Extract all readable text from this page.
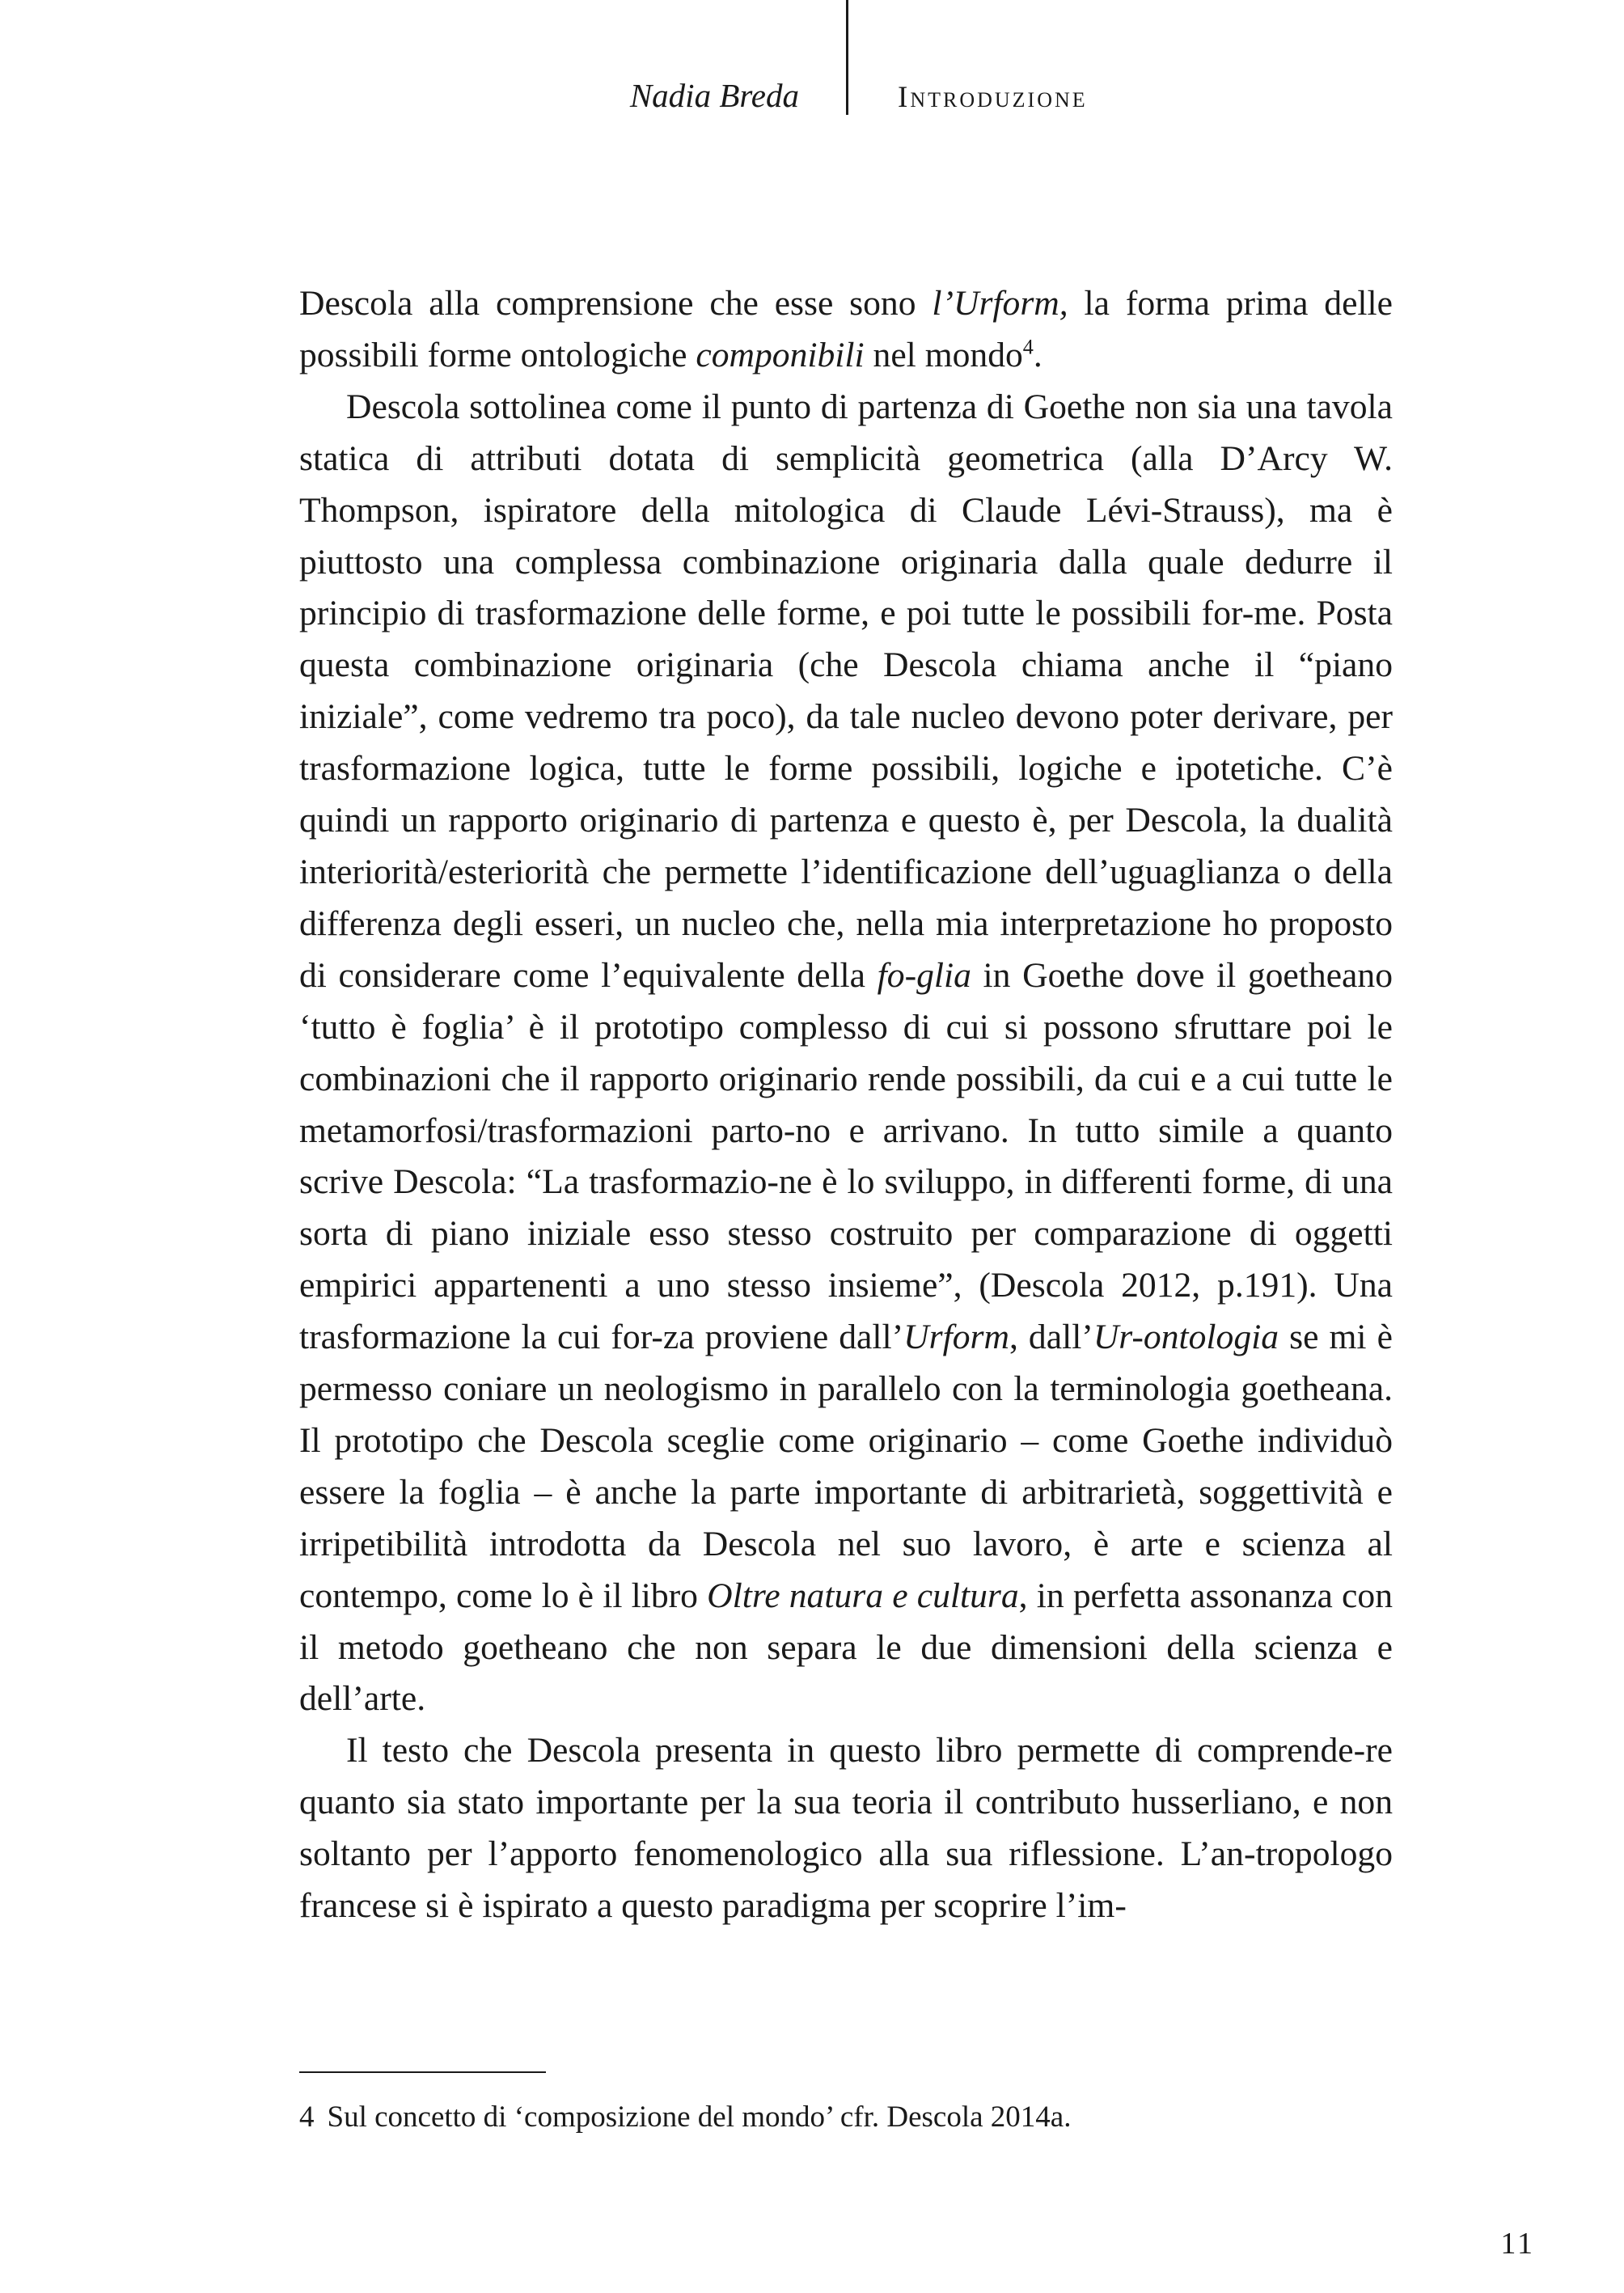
Nadia Breda	Introduzione

Descola alla comprensione che esse sono l’Urform, la forma prima delle possibili forme ontologiche componibili nel mondo$^4$.

Descola sottolinea come il punto di partenza di Goethe non sia una tavola statica di attributi dotata di semplicità geometrica (alla D’Arcy W. Thompson, ispiratore della mitologica di Claude Lévi-Strauss), ma è piuttosto una complessa combinazione originaria dalla quale dedurre il principio di trasformazione delle forme, e poi tutte le possibili for-me. Posta questa combinazione originaria (che Descola chiama anche il “piano iniziale”, come vedremo tra poco), da tale nucleo devono poter derivare, per trasformazione logica, tutte le forme possibili, logiche e ipotetiche. C’è quindi un rapporto originario di partenza e questo è, per Descola, la dualità interiorità/esteriorità che permette l’identificazione dell’uguaglianza o della differenza degli esseri, un nucleo che, nella mia interpretazione ho proposto di considerare come l’equivalente della fo-glia in Goethe dove il goetheano ‘tutto è foglia’ è il prototipo complesso di cui si possono sfruttare poi le combinazioni che il rapporto originario rende possibili, da cui e a cui tutte le metamorfosi/trasformazioni parto-no e arrivano. In tutto simile a quanto scrive Descola: “La trasformazio-ne è lo sviluppo, in differenti forme, di una sorta di piano iniziale esso stesso costruito per comparazione di oggetti empirici appartenenti a uno stesso insieme”, (Descola 2012, p.191). Una trasformazione la cui for-za proviene dall’Urform, dall’Ur-ontologia se mi è permesso coniare un neologismo in parallelo con la terminologia goetheana. Il prototipo che Descola sceglie come originario – come Goethe individuò essere la foglia – è anche la parte importante di arbitrarietà, soggettività e irripetibilità introdotta da Descola nel suo lavoro, è arte e scienza al contempo, come lo è il libro Oltre natura e cultura, in perfetta assonanza con il metodo goetheano che non separa le due dimensioni della scienza e dell’arte.

Il testo che Descola presenta in questo libro permette di comprende-re quanto sia stato importante per la sua teoria il contributo husserliano, e non soltanto per l’apporto fenomenologico alla sua riflessione. L’an-tropologo francese si è ispirato a questo paradigma per scoprire l’im-

4 Sul concetto di ‘composizione del mondo’ cfr. Descola 2014a.
11
